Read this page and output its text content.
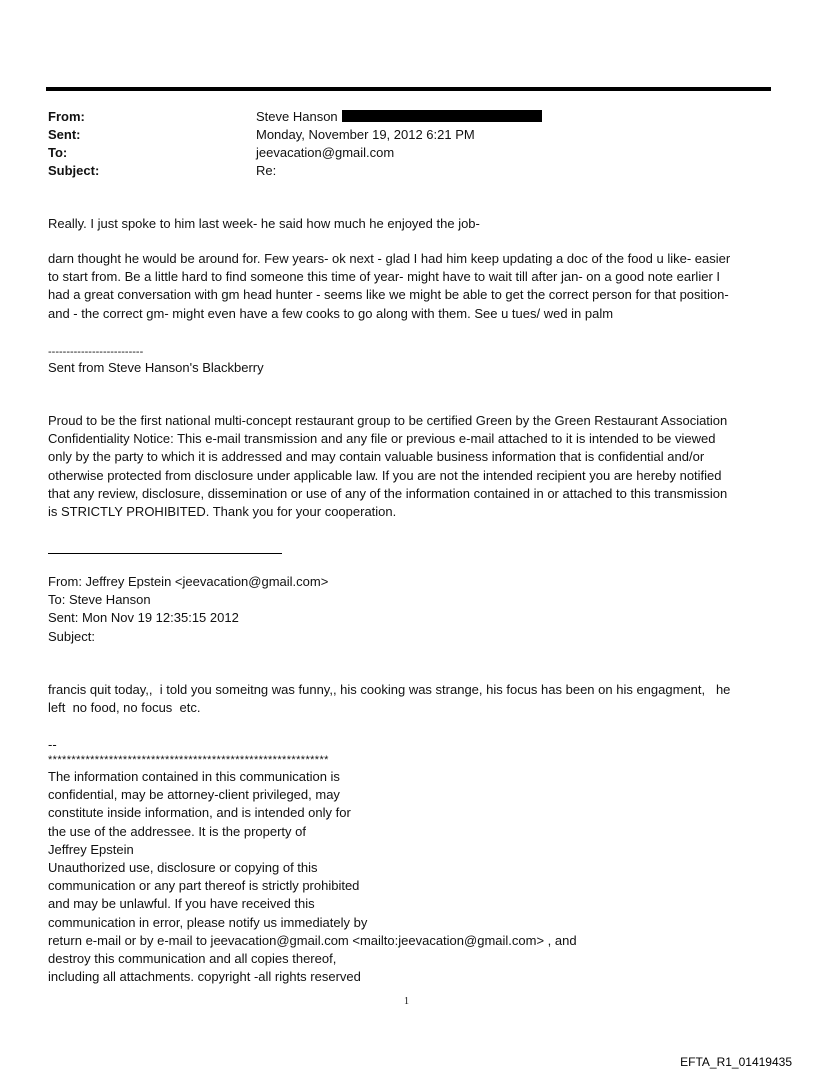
From:	Steve Hanson
Sent:	Monday, November 19, 2012 6:21 PM
To:	jeevacation@gmail.com
Subject:	Re:
Really. I just spoke to him last week- he said how much he enjoyed the job-
darn thought he would be around for. Few years- ok next - glad I had him keep updating a doc of the food u like- easier
to start from. Be a little hard to find someone this time of year- might have to wait till after jan- on a good note earlier I
had a great conversation with gm head hunter - seems like we might be able to get the correct person for that position-
and - the correct gm- might even have a few cooks to go along with them. See u tues/ wed in palm
--------------------------
Sent from Steve Hanson's Blackberry
Proud to be the first national multi-concept restaurant group to be certified Green by the Green Restaurant Association
Confidentiality Notice: This e-mail transmission and any file or previous e-mail attached to it is intended to be viewed
only by the party to which it is addressed and may contain valuable business information that is confidential and/or
otherwise protected from disclosure under applicable law. If you are not the intended recipient you are hereby notified
that any review, disclosure, dissemination or use of any of the information contained in or attached to this transmission
is STRICTLY PROHIBITED. Thank you for your cooperation.
From: Jeffrey Epstein <jeevacation@gmail.com>
To: Steve Hanson
Sent: Mon Nov 19 12:35:15 2012
Subject:
francis quit today,,  i told you someitng was funny,, his cooking was strange, his focus has been on his engagment,   he
left  no food, no focus  etc.
--
************************************************************
The information contained in this communication is
confidential, may be attorney-client privileged, may
constitute inside information, and is intended only for
the use of the addressee. It is the property of
Jeffrey Epstein
Unauthorized use, disclosure or copying of this
communication or any part thereof is strictly prohibited
and may be unlawful. If you have received this
communication in error, please notify us immediately by
return e-mail or by e-mail to jeevacation@gmail.com <mailto:jeevacation@gmail.com> , and
destroy this communication and all copies thereof,
including all attachments. copyright -all rights reserved
1
EFTA_R1_01419435
